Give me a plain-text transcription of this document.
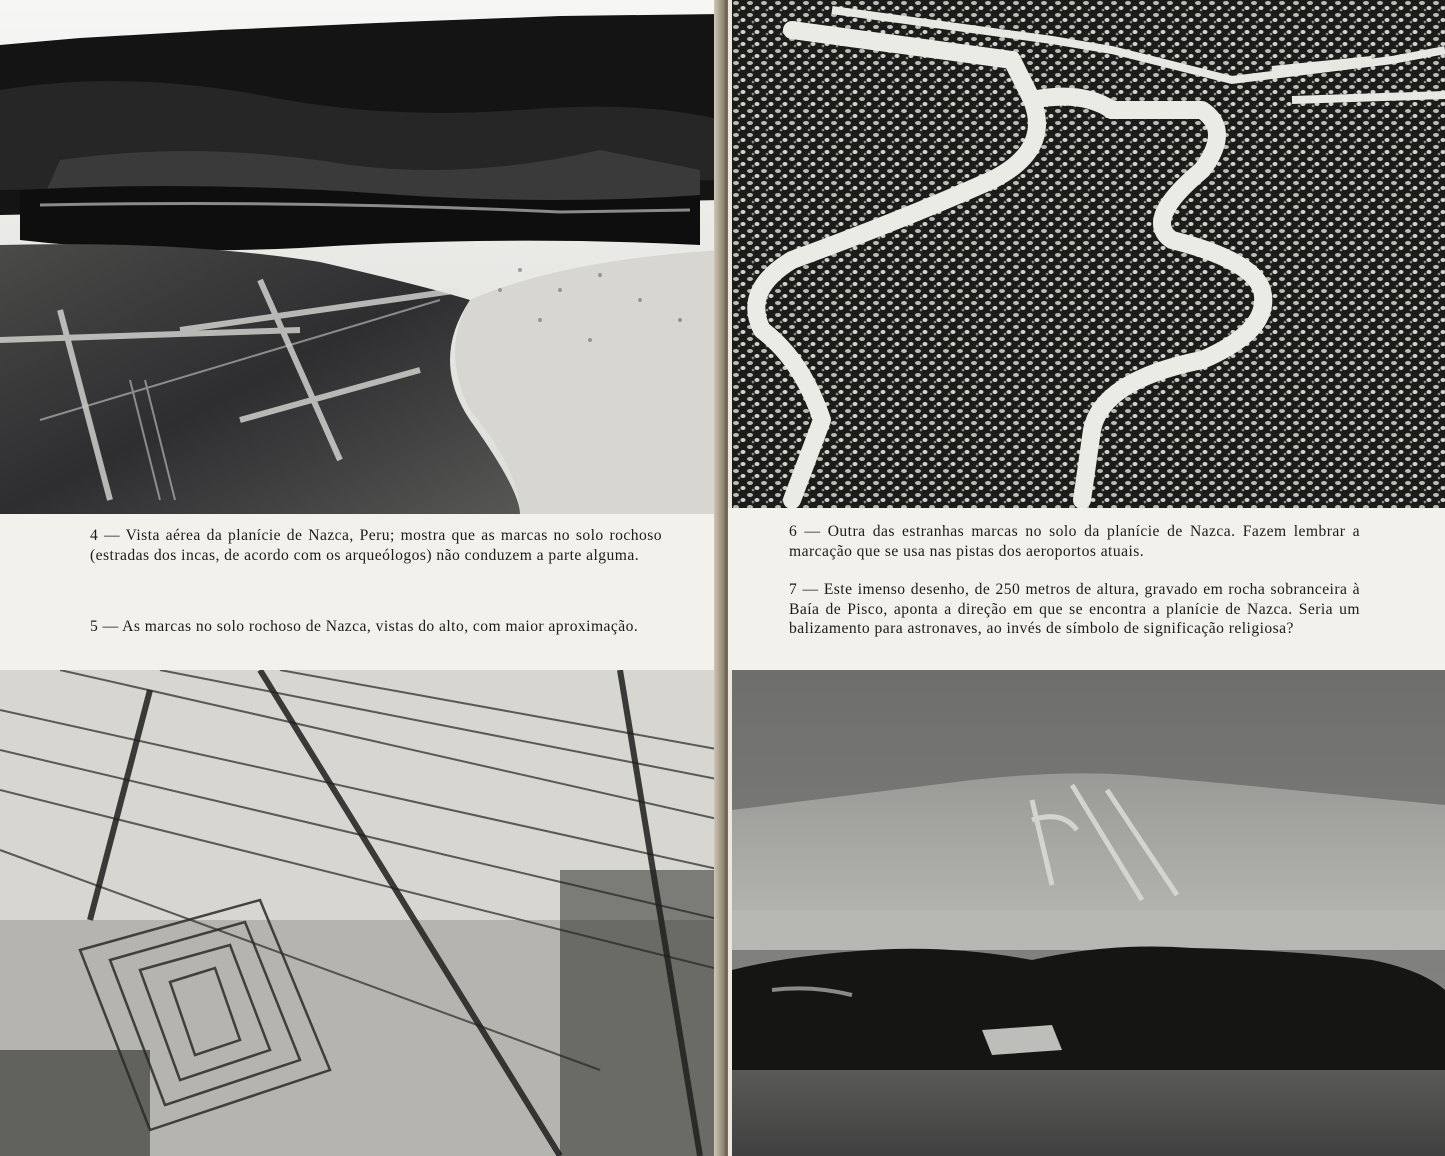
4 — Vista aérea da planície de Nazca, Peru; mostra que as marcas no solo rochoso (estradas dos incas, de acordo com os arqueólogos) não conduzem a parte alguma.

5 — As marcas no solo rochoso de Nazca, vistas do alto, com maior aproximação.

6 — Outra das estranhas marcas no solo da planície de Nazca. Fazem lembrar a marcação que se usa nas pistas dos aeroportos atuais.

7 — Este imenso desenho, de 250 metros de altura, gravado em rocha sobranceira à Baía de Pisco, aponta a direção em que se encontra a planície de Nazca. Seria um balizamento para astronaves, ao invés de símbolo de significação religiosa?
